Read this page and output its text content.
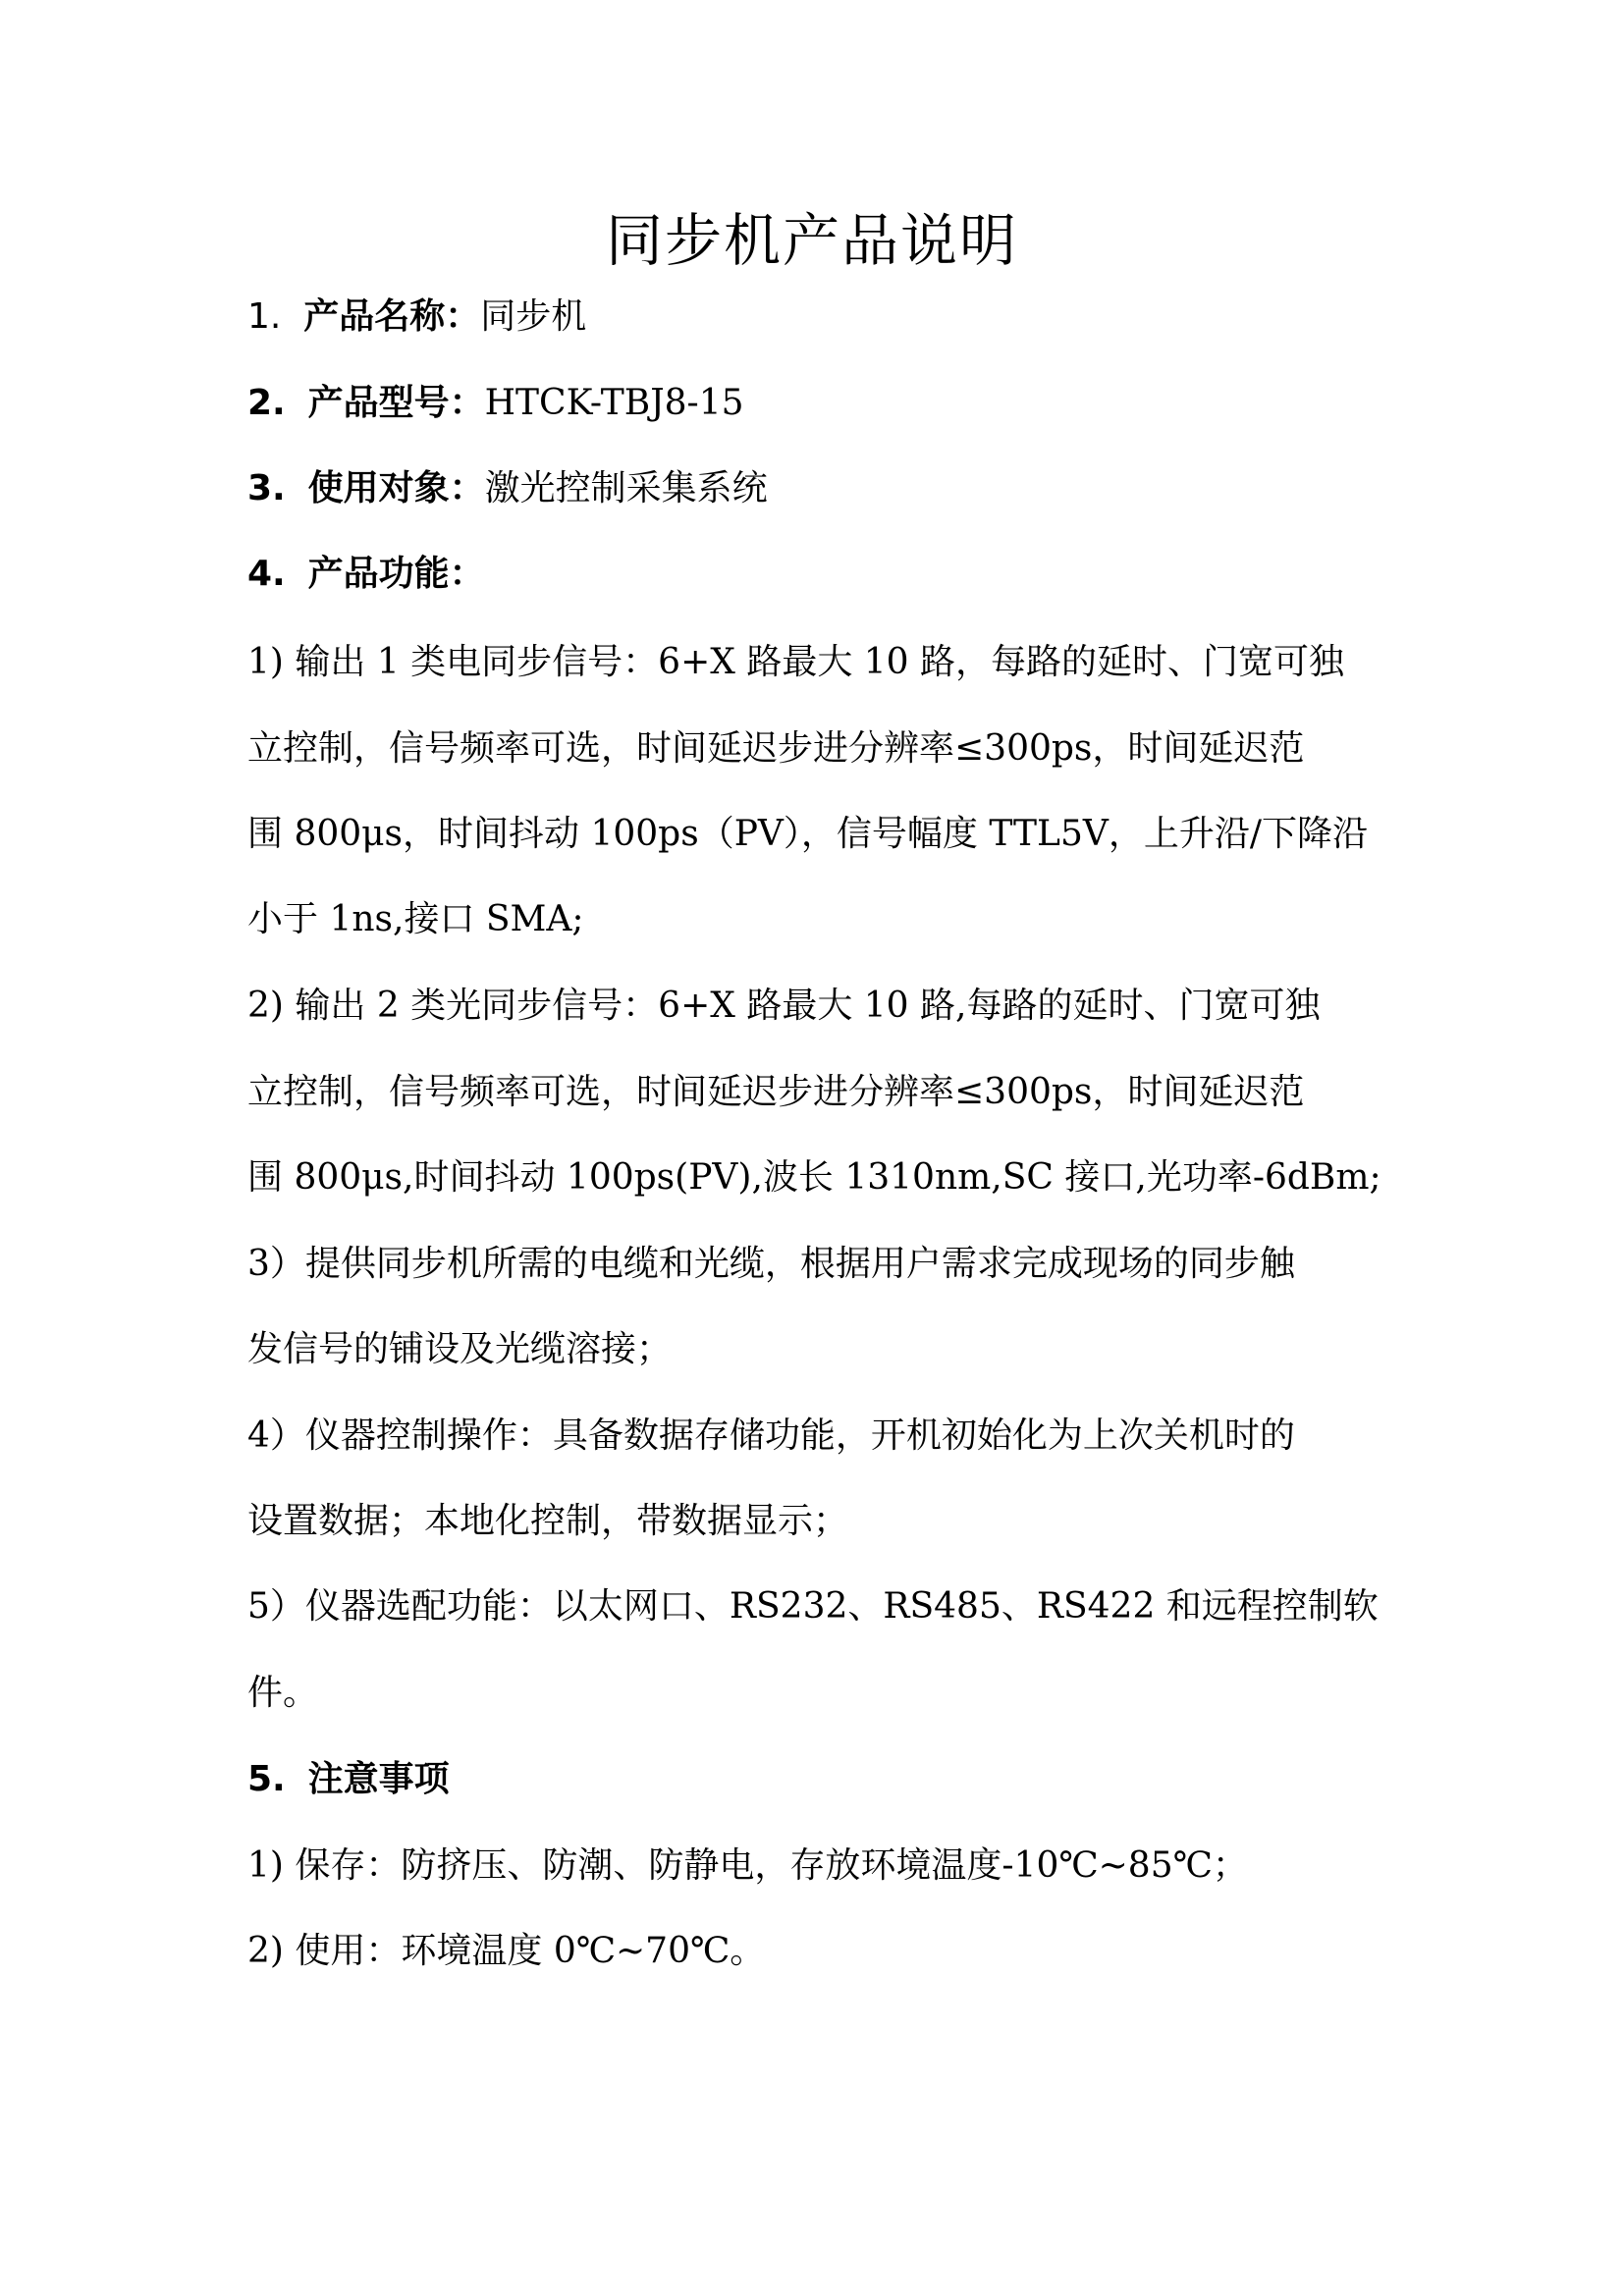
同步机产品说明

1. 产品名称：同步机

2. 产品型号：HTCK-TBJ8-15

3. 使用对象：激光控制采集系统

4. 产品功能：

1) 输出 1 类电同步信号：6+X 路最大 10 路，每路的延时、门宽可独

立控制，信号频率可选，时间延迟步进分辨率≤300ps，时间延迟范

围 800μs，时间抖动 100ps（PV），信号幅度 TTL5V，上升沿/下降沿

小于 1ns,接口 SMA;

2) 输出 2 类光同步信号：6+X 路最大 10 路,每路的延时、门宽可独

立控制，信号频率可选，时间延迟步进分辨率≤300ps，时间延迟范

围 800μs,时间抖动 100ps(PV),波长 1310nm,SC 接口,光功率-6dBm;

3）提供同步机所需的电缆和光缆，根据用户需求完成现场的同步触

发信号的铺设及光缆溶接；

4）仪器控制操作：具备数据存储功能，开机初始化为上次关机时的

设置数据；本地化控制，带数据显示；

5）仪器选配功能：以太网口、RS232、RS485、RS422 和远程控制软

件。

5. 注意事项

1) 保存：防挤压、防潮、防静电，存放环境温度-10℃~85℃；

2) 使用：环境温度 0℃~70℃。
